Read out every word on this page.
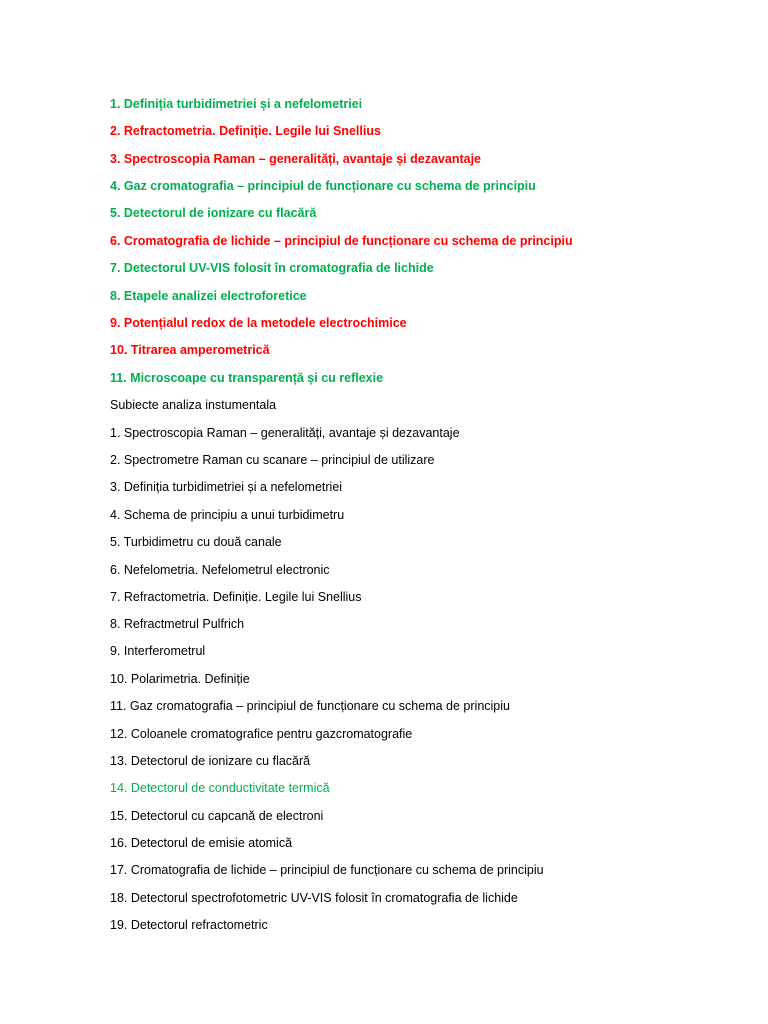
1. Definiția turbidimetriei și a nefelometriei
2. Refractometria. Definiție. Legile lui Snellius
3. Spectroscopia Raman – generalități, avantaje și dezavantaje
4. Gaz cromatografia – principiul de funcționare cu schema de principiu
5. Detectorul de ionizare cu flacără
6. Cromatografia de lichide – principiul de funcționare cu schema de principiu
7. Detectorul UV-VIS folosit în cromatografia de lichide
8. Etapele analizei electroforetice
9. Potențialul redox de la metodele electrochimice
10. Titrarea amperometrică
11. Microscoape cu transparență și cu reflexie
Subiecte analiza instumentala
1. Spectroscopia Raman – generalități, avantaje și dezavantaje
2. Spectrometre Raman cu scanare – principiul de utilizare
3. Definiția turbidimetriei și a nefelometriei
4. Schema de principiu a unui turbidimetru
5. Turbidimetru cu două canale
6. Nefelometria. Nefelometrul electronic
7. Refractometria. Definiție. Legile lui Snellius
8. Refractmetrul Pulfrich
9. Interferometrul
10. Polarimetria. Definiție
11. Gaz cromatografia – principiul de funcționare cu schema de principiu
12. Coloanele cromatografice pentru gazcromatografie
13. Detectorul de ionizare cu flacără
14. Detectorul de conductivitate termică
15. Detectorul cu capcană de electroni
16. Detectorul de emisie atomică
17. Cromatografia de lichide – principiul de funcționare cu schema de principiu
18. Detectorul spectrofotometric UV-VIS folosit în cromatografia de lichide
19. Detectorul refractometric
